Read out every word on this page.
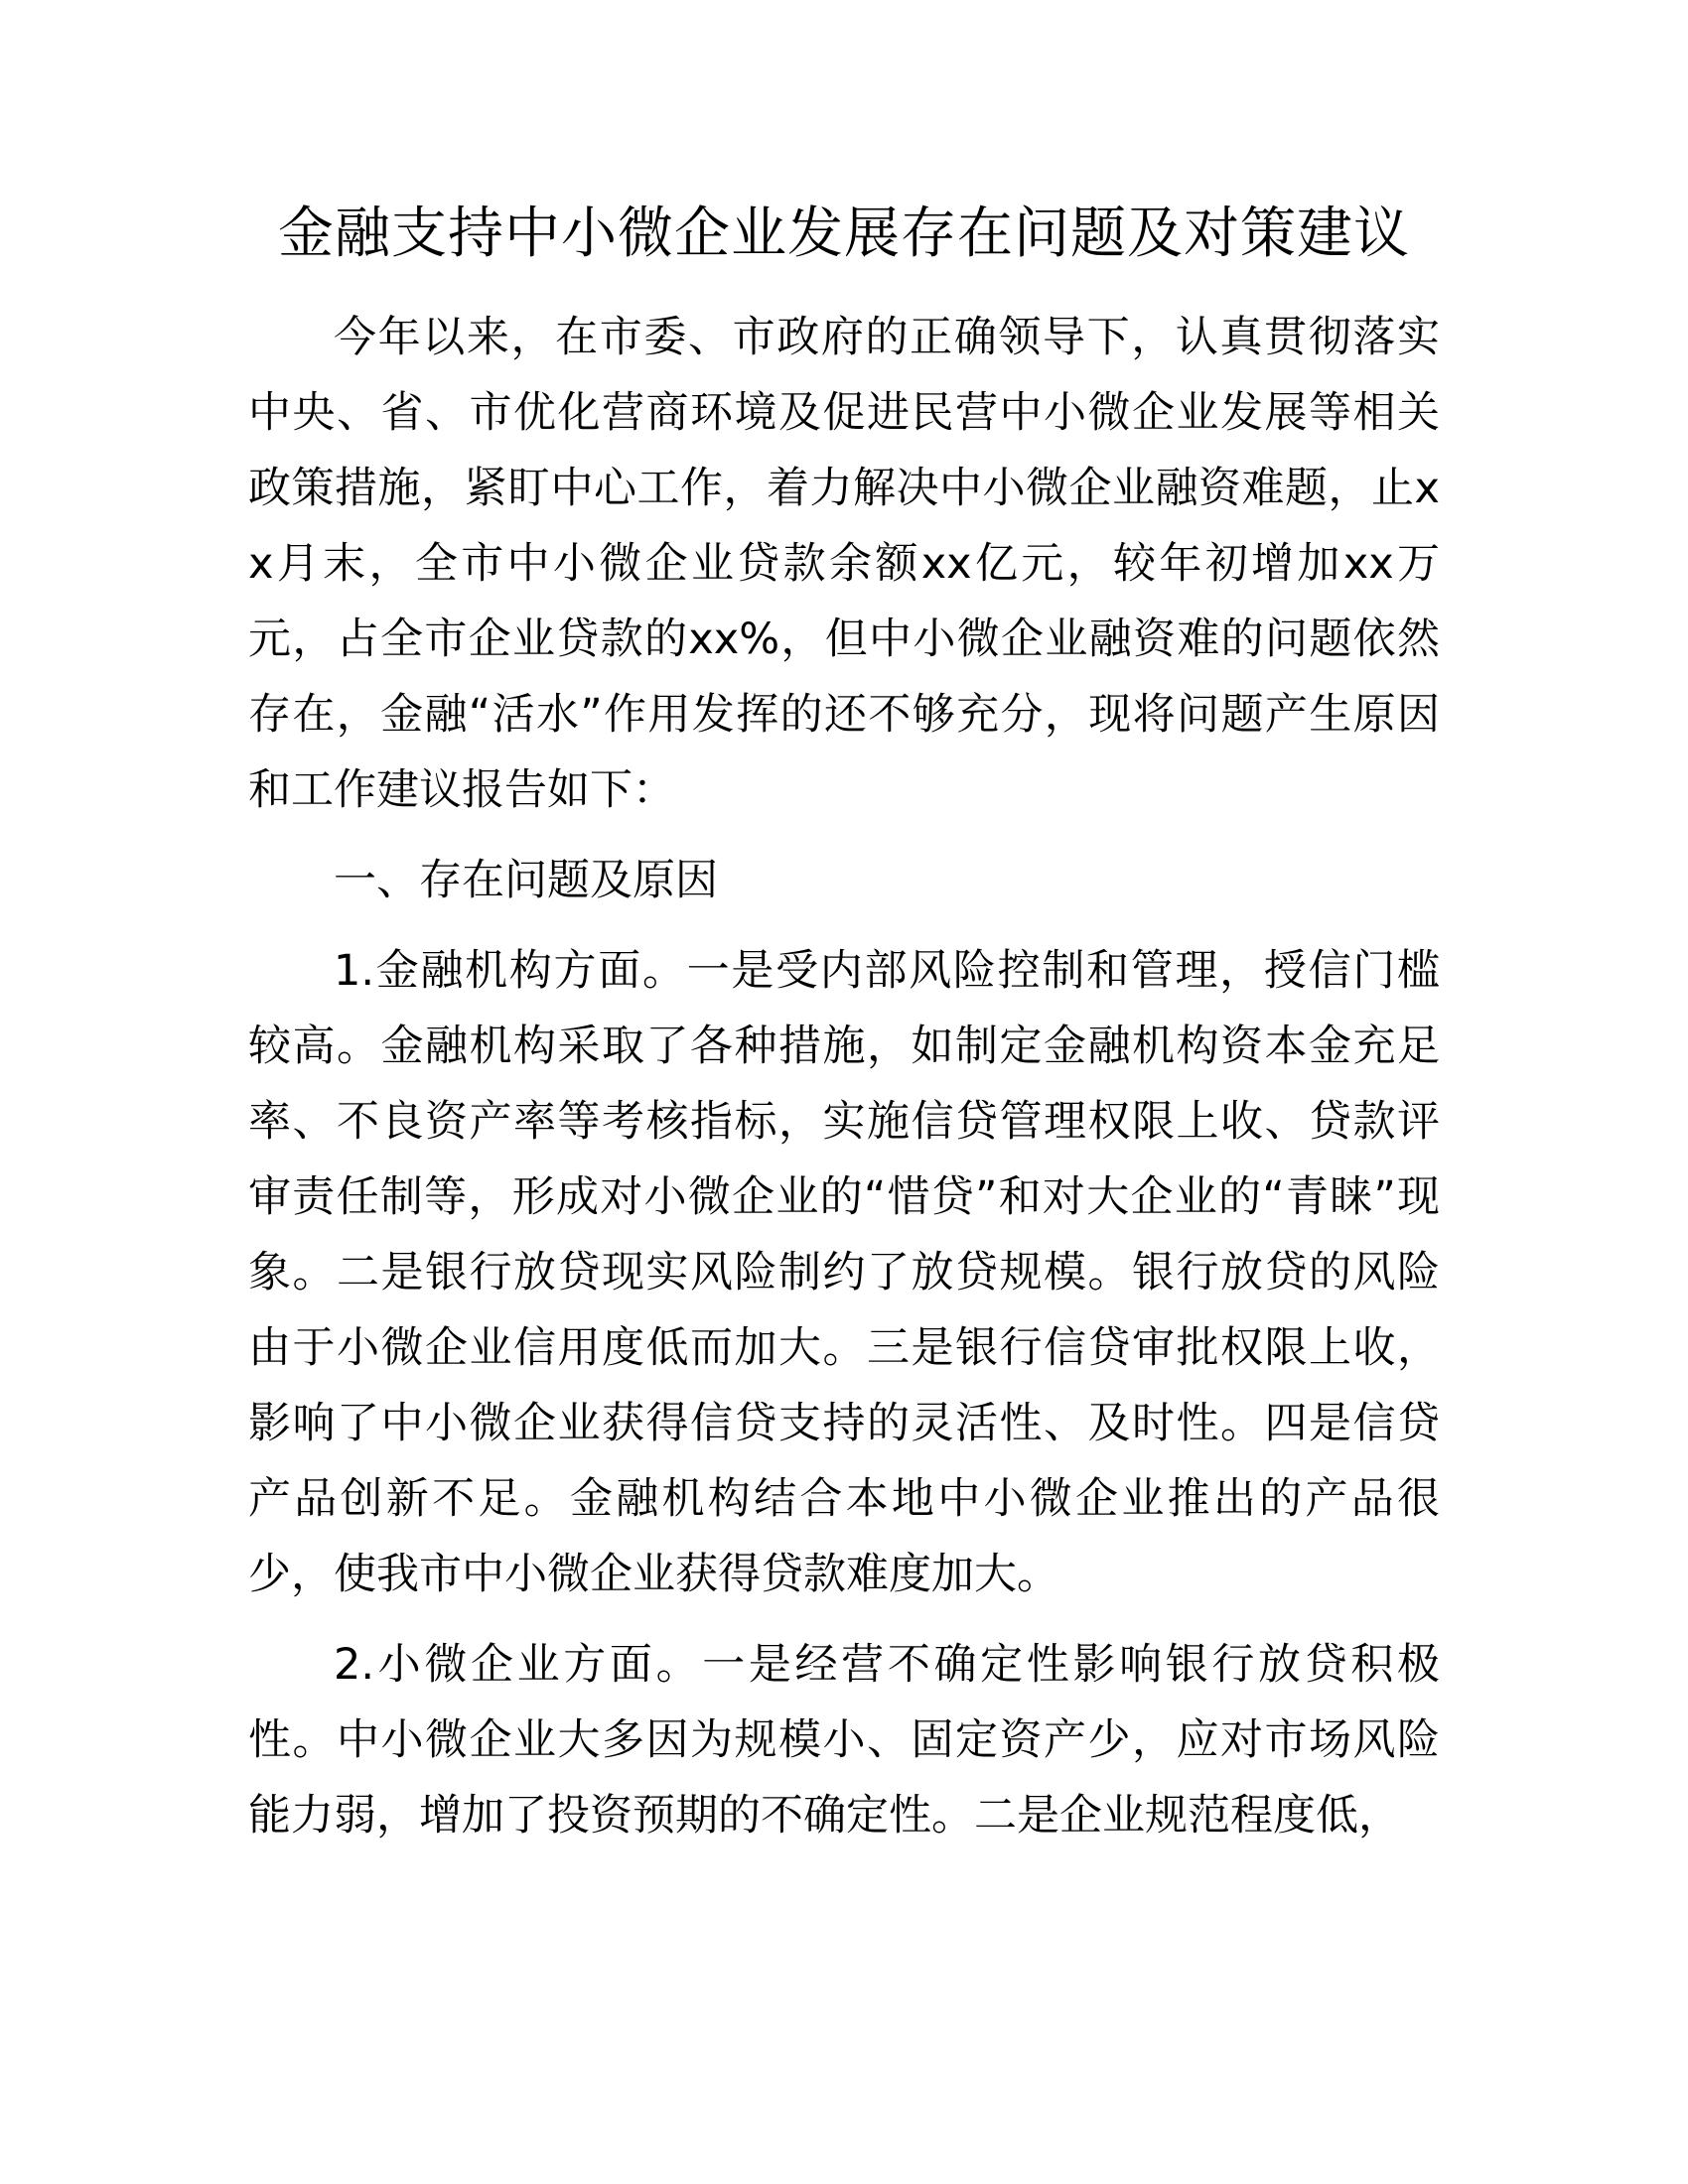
金融支持中小微企业发展存在问题及对策建议

今年以来，在市委、市政府的正确领导下，认真贯彻落实中央、省、市优化营商环境及促进民营中小微企业发展等相关政策措施，紧盯中心工作，着力解决中小微企业融资难题，止xx月末，全市中小微企业贷款余额xx亿元，较年初增加xx万元，占全市企业贷款的xx%，但中小微企业融资难的问题依然存在，金融“活水”作用发挥的还不够充分，现将问题产生原因和工作建议报告如下：

一、存在问题及原因

1.金融机构方面。一是受内部风险控制和管理，授信门槛较高。金融机构采取了各种措施，如制定金融机构资本金充足率、不良资产率等考核指标，实施信贷管理权限上收、贷款评审责任制等，形成对小微企业的“惜贷”和对大企业的“青睐”现象。二是银行放贷现实风险制约了放贷规模。银行放贷的风险由于小微企业信用度低而加大。三是银行信贷审批权限上收，影响了中小微企业获得信贷支持的灵活性、及时性。四是信贷产品创新不足。金融机构结合本地中小微企业推出的产品很少，使我市中小微企业获得贷款难度加大。

2.小微企业方面。一是经营不确定性影响银行放贷积极性。中小微企业大多因为规模小、固定资产少，应对市场风险能力弱，增加了投资预期的不确定性。二是企业规范程度低，
